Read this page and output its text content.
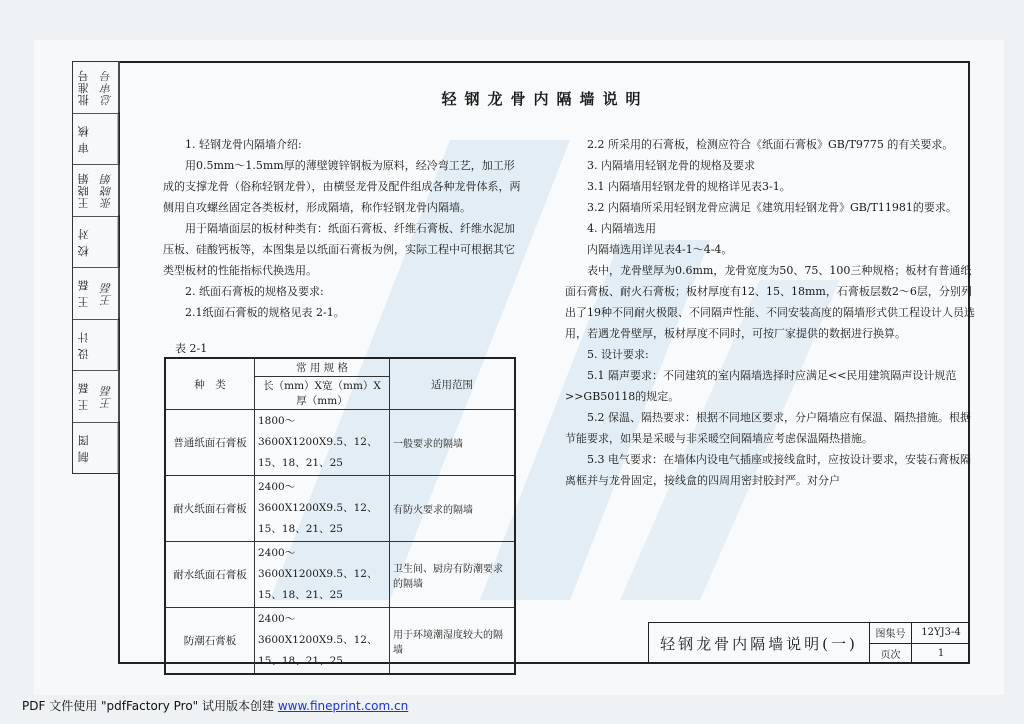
批准号 总审号
审 核
王晓娟 张晓娟
校 对
王 磊 王磊
设 计
王 磊 王磊
制 图
轻钢龙骨内隔墙说明

1. 轻钢龙骨内隔墙介绍:

用0.5mm～1.5mm厚的薄壁镀锌钢板为原料，经冷弯工艺，加工形成的支撑龙骨（俗称轻钢龙骨），由横竖龙骨及配件组成各种龙骨体系，两侧用自攻螺丝固定各类板材，形成隔墙，称作轻钢龙骨内隔墙。

用于隔墙面层的板材种类有：纸面石膏板、纤维石膏板、纤维水泥加压板、硅酸钙板等，本图集是以纸面石膏板为例，实际工程中可根据其它类型板材的性能指标代换选用。

2. 纸面石膏板的规格及要求:

2.1纸面石膏板的规格见表 2-1。

表 2-1
种　类	常 用 规 格	适用范围
	长（mm）X宽（mm）X厚（mm）	
普通纸面石膏板	1800～3600X1200X9.5、12、15、18、21、25	一般要求的隔墙
耐火纸面石膏板	2400～3600X1200X9.5、12、15、18、21、25	有防火要求的隔墙
耐水纸面石膏板	2400～3600X1200X9.5、12、15、18、21、25	卫生间、厨房有防潮要求的隔墙
防潮石膏板	2400～3600X1200X9.5、12、15、18、21、25	用于环境潮湿度较大的隔墙

2.2 所采用的石膏板，检测应符合《纸面石膏板》GB/T9775 的有关要求。

3. 内隔墙用轻钢龙骨的规格及要求

3.1 内隔墙用轻钢龙骨的规格详见表3-1。

3.2 内隔墙所采用轻钢龙骨应满足《建筑用轻钢龙骨》GB/T11981的要求。

4. 内隔墙选用

内隔墙选用详见表4-1～4-4。

表中，龙骨壁厚为0.6mm，龙骨宽度为50、75、100三种规格；板材有普通纸面石膏板、耐火石膏板；板材厚度有12、15、18mm，石膏板层数2～6层，分别列出了19种不同耐火极限、不同隔声性能、不同安装高度的隔墙形式供工程设计人员选用，若遇龙骨壁厚，板材厚度不同时，可按厂家提供的数据进行换算。

5. 设计要求:

5.1 隔声要求：不同建筑的室内隔墙选择时应满足<<民用建筑隔声设计规范>>GB50118的规定。

5.2 保温、隔热要求：根据不同地区要求，分户隔墙应有保温、隔热措施。根据节能要求，如果是采暖与非采暖空间隔墙应考虑保温隔热措施。

5.3 电气要求：在墙体内设电气插座或接线盒时，应按设计要求，安装石膏板隔离框并与龙骨固定，接线盒的四周用密封胶封严。对分户

轻钢龙骨内隔墙说明(一)
图集号	12YJ3-4
页次	1
PDF 文件使用 "pdfFactory Pro" 试用版本创建 www.fineprint.com.cn
